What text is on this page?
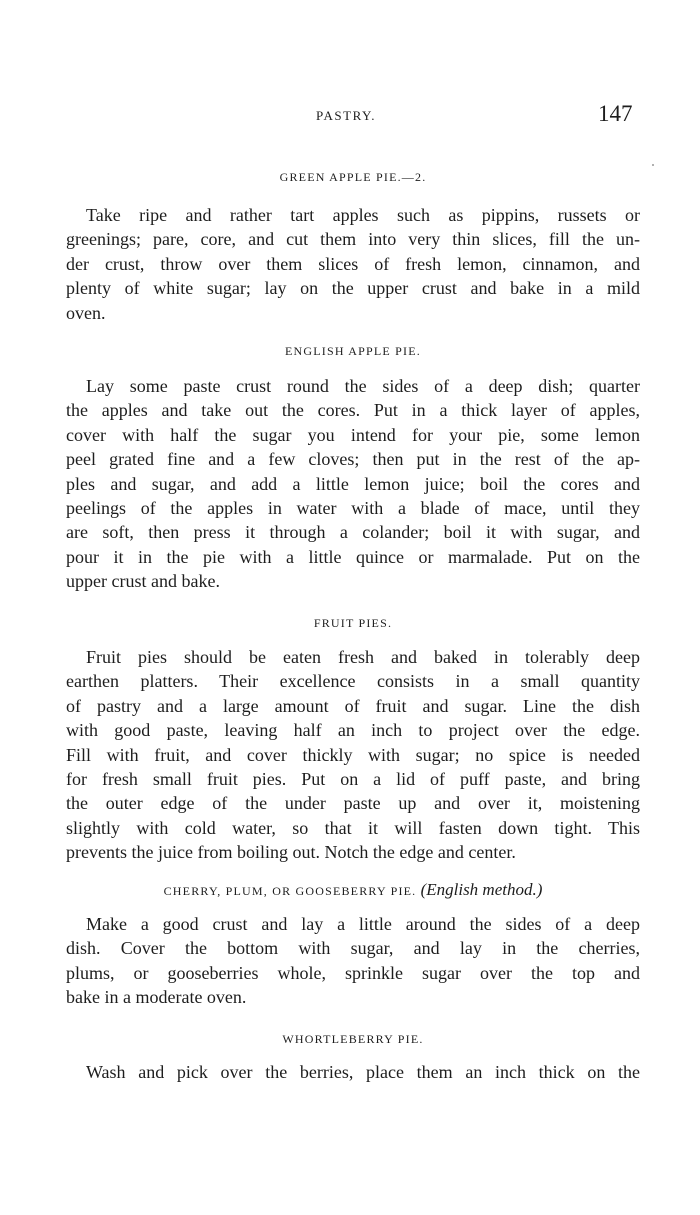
PASTRY.	147
GREEN APPLE PIE.—2.
Take ripe and rather tart apples such as pippins, russets or
greenings; pare, core, and cut them into very thin slices, fill the un-
der crust, throw over them slices of fresh lemon, cinnamon, and
plenty of white sugar; lay on the upper crust and bake in a mild
oven.
ENGLISH APPLE PIE.
Lay some paste crust round the sides of a deep dish; quarter
the apples and take out the cores. Put in a thick layer of apples,
cover with half the sugar you intend for your pie, some lemon
peel grated fine and a few cloves; then put in the rest of the ap-
ples and sugar, and add a little lemon juice; boil the cores and
peelings of the apples in water with a blade of mace, until they
are soft, then press it through a colander; boil it with sugar, and
pour it in the pie with a little quince or marmalade. Put on the
upper crust and bake.
FRUIT PIES.
Fruit pies should be eaten fresh and baked in tolerably deep
earthen platters. Their excellence consists in a small quantity
of pastry and a large amount of fruit and sugar. Line the dish
with good paste, leaving half an inch to project over the edge.
Fill with fruit, and cover thickly with sugar; no spice is needed
for fresh small fruit pies. Put on a lid of puff paste, and bring
the outer edge of the under paste up and over it, moistening
slightly with cold water, so that it will fasten down tight. This
prevents the juice from boiling out. Notch the edge and center.
CHERRY, PLUM, OR GOOSEBERRY PIE. (English method.)
Make a good crust and lay a little around the sides of a deep
dish. Cover the bottom with sugar, and lay in the cherries,
plums, or gooseberries whole, sprinkle sugar over the top and
bake in a moderate oven.
WHORTLEBERRY PIE.
Wash and pick over the berries, place them an inch thick on the
